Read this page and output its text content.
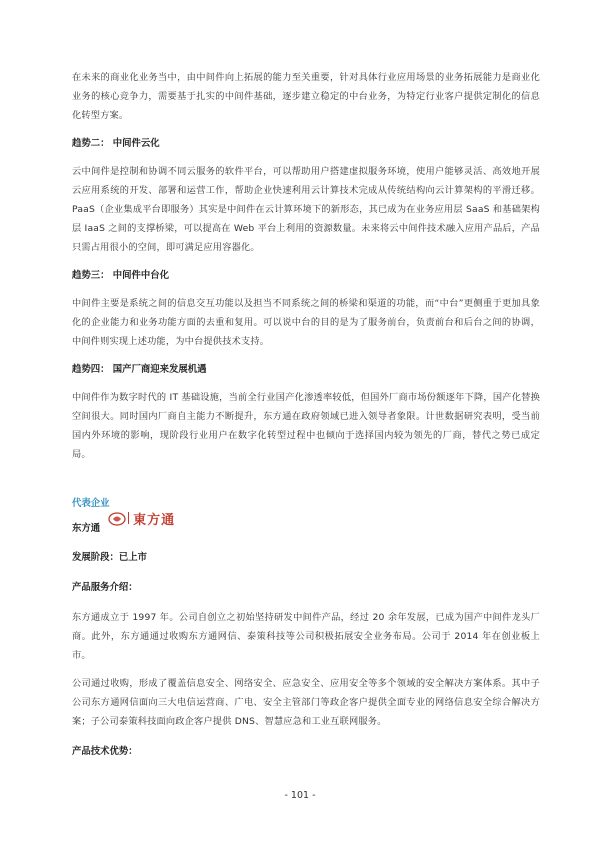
在未来的商业化业务当中，由中间件向上拓展的能力至关重要，针对具体行业应用场景的业务拓展能力是商业化业务的核心竞争力，需要基于扎实的中间件基础，逐步建立稳定的中台业务，为特定行业客户提供定制化的信息化转型方案。

趋势二： 中间件云化

云中间件是控制和协调不同云服务的软件平台，可以帮助用户搭建虚拟服务环境，使用户能够灵活、高效地开展云应用系统的开发、部署和运营工作，帮助企业快速利用云计算技术完成从传统结构向云计算架构的平滑迁移。PaaS（企业集成平台即服务）其实是中间件在云计算环境下的新形态，其已成为在业务应用层 SaaS 和基础架构层 IaaS 之间的支撑桥梁，可以提高在 Web 平台上利用的资源数量。未来将云中间件技术融入应用产品后，产品只需占用很小的空间，即可满足应用容器化。

趋势三： 中间件中台化

中间件主要是系统之间的信息交互功能以及担当不同系统之间的桥梁和渠道的功能，而“中台”更侧重于更加具象化的企业能力和业务功能方面的去重和复用。可以说中台的目的是为了服务前台，负责前台和后台之间的协调，中间件则实现上述功能，为中台提供技术支持。

趋势四： 国产厂商迎来发展机遇

中间件作为数字时代的 IT 基础设施，当前全行业国产化渗透率较低，但国外厂商市场份额逐年下降，国产化替换空间很大。同时国内厂商自主能力不断提升，东方通在政府领域已进入领导者象限。计世数据研究表明，受当前国内外环境的影响，现阶段行业用户在数字化转型过程中也倾向于选择国内较为领先的厂商，替代之势已成定局。

代表企业

东方通
東方通

发展阶段：已上市

产品服务介绍：

东方通成立于 1997 年。公司自创立之初始坚持研发中间件产品，经过 20 余年发展，已成为国产中间件龙头厂商。此外，东方通通过收购东方通网信、泰策科技等公司积极拓展安全业务布局。公司于 2014 年在创业板上市。

公司通过收购，形成了覆盖信息安全、网络安全、应急安全、应用安全等多个领域的安全解决方案体系。其中子公司东方通网信面向三大电信运营商、广电、安全主管部门等政企客户提供全面专业的网络信息安全综合解决方案；子公司泰策科技面向政企客户提供 DNS、智慧应急和工业互联网服务。

产品技术优势：

- 101 -
